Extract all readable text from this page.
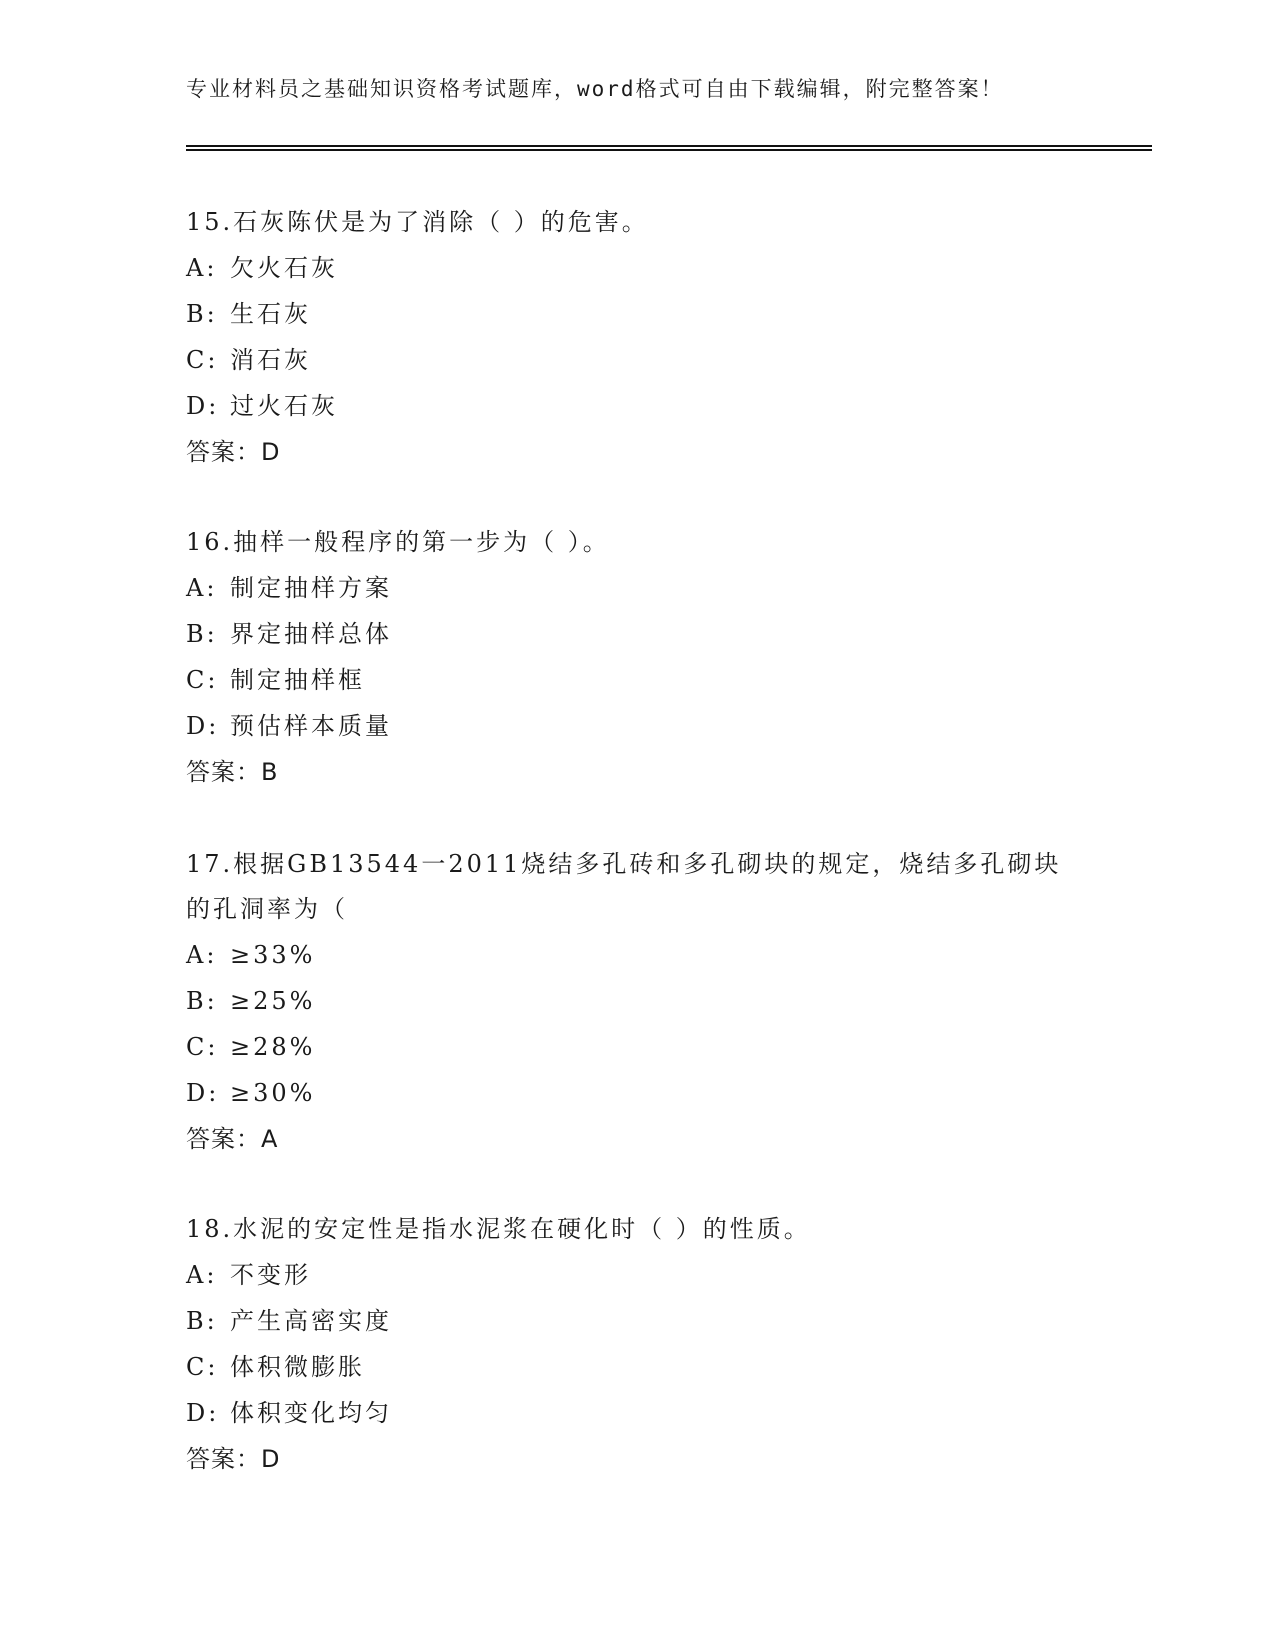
专业材料员之基础知识资格考试题库，word格式可自由下载编辑，附完整答案！
15.石灰陈伏是为了消除（ ）的危害。
A: 欠火石灰
B: 生石灰
C: 消石灰
D: 过火石灰
答案：D
16.抽样一般程序的第一步为（ ）。
A: 制定抽样方案
B: 界定抽样总体
C: 制定抽样框
D: 预估样本质量
答案：B
17.根据GB13544一2011烧结多孔砖和多孔砌块的规定，烧结多孔砌块的孔洞率为（
A: ≥33%
B: ≥25%
C: ≥28%
D: ≥30%
答案：A
18.水泥的安定性是指水泥浆在硬化时（ ）的性质。
A: 不变形
B: 产生高密实度
C: 体积微膨胀
D: 体积变化均匀
答案：D
